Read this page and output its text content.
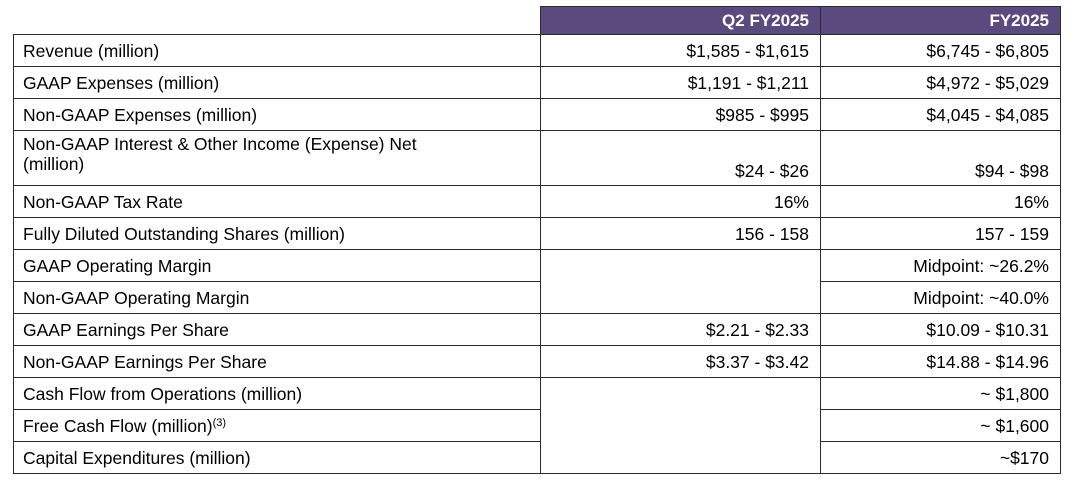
	Q2 FY2025	FY2025
Revenue (million)	$1,585 - $1,615	$6,745 - $6,805
GAAP Expenses (million)	$1,191 - $1,211	$4,972 - $5,029
Non-GAAP Expenses (million)	$985 - $995	$4,045 - $4,085
Non-GAAP Interest & Other Income (Expense) Net
(million)	$24 - $26	$94 - $98
Non-GAAP Tax Rate	16%	16%
Fully Diluted Outstanding Shares (million)	156 - 158	157 - 159
GAAP Operating Margin		Midpoint: ~26.2%
Non-GAAP Operating Margin		Midpoint: ~40.0%
GAAP Earnings Per Share	$2.21 - $2.33	$10.09 - $10.31
Non-GAAP Earnings Per Share	$3.37 - $3.42	$14.88 - $14.96
Cash Flow from Operations (million)		~ $1,800
Free Cash Flow (million)$^{(3)}$		~ $1,600
Capital Expenditures (million)		~$170
